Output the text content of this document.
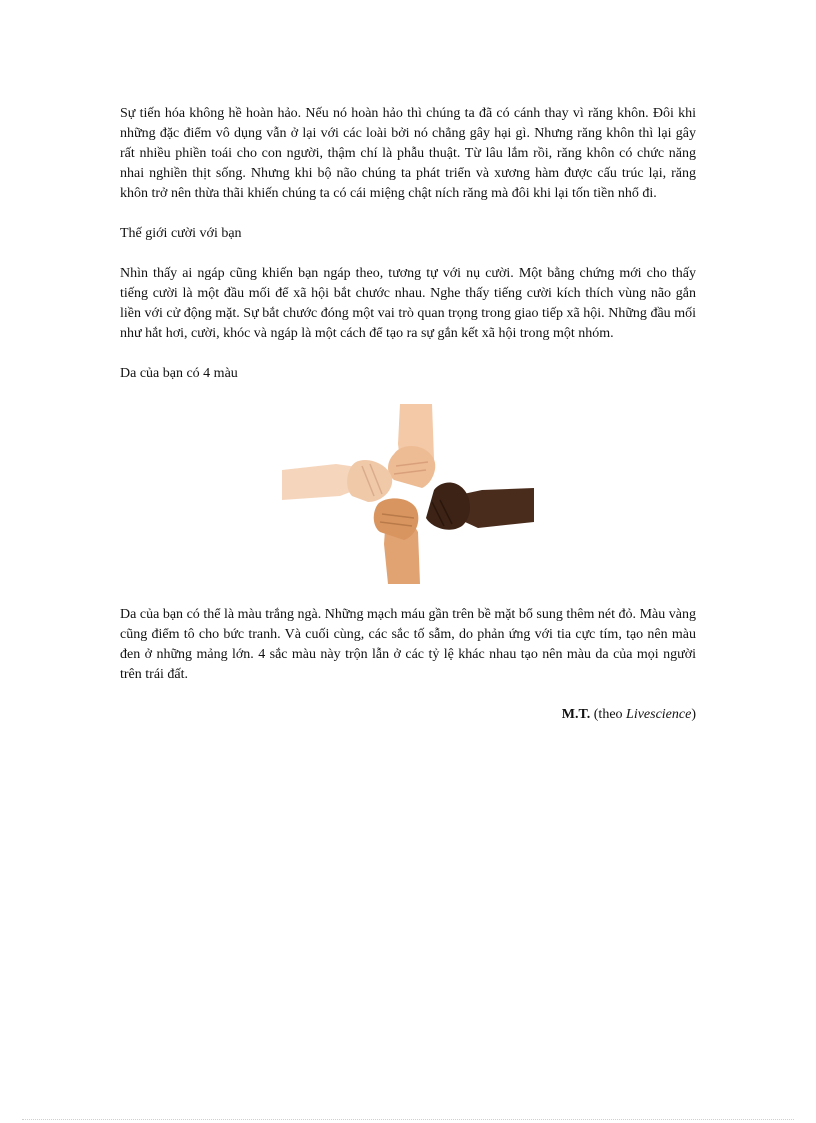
Sự tiến hóa không hề hoàn hảo. Nếu nó hoàn hảo thì chúng ta đã có cánh thay vì răng khôn. Đôi khi những đặc điểm vô dụng vẫn ở lại với các loài bởi nó chẳng gây hại gì. Nhưng răng khôn thì lại gây rất nhiều phiền toái cho con người, thậm chí là phẫu thuật. Từ lâu lắm rồi, răng khôn có chức năng nhai nghiền thịt sống. Nhưng khi bộ não chúng ta phát triển và xương hàm được cấu trúc lại, răng khôn trở nên thừa thãi khiến chúng ta có cái miệng chật ních răng mà đôi khi lại tốn tiền nhổ đi.

Thế giới cười với bạn

Nhìn thấy ai ngáp cũng khiến bạn ngáp theo, tương tự với nụ cười. Một bằng chứng mới cho thấy tiếng cười là một đầu mối để xã hội bắt chước nhau. Nghe thấy tiếng cười kích thích vùng não gắn liền với cử động mặt. Sự bắt chước đóng một vai trò quan trọng trong giao tiếp xã hội. Những đầu mối như hắt hơi, cười, khóc và ngáp là một cách để tạo ra sự gắn kết xã hội trong một nhóm.

Da của bạn có 4 màu

Da của bạn có thể là màu trắng ngà. Những mạch máu gần trên bề mặt bổ sung thêm nét đỏ. Màu vàng cũng điểm tô cho bức tranh. Và cuối cùng, các sắc tố sẫm, do phản ứng với tia cực tím, tạo nên màu đen ở những mảng lớn. 4 sắc màu này trộn lẫn ở các tỷ lệ khác nhau tạo nên màu da của mọi người trên trái đất.

M.T. (theo Livescience)
